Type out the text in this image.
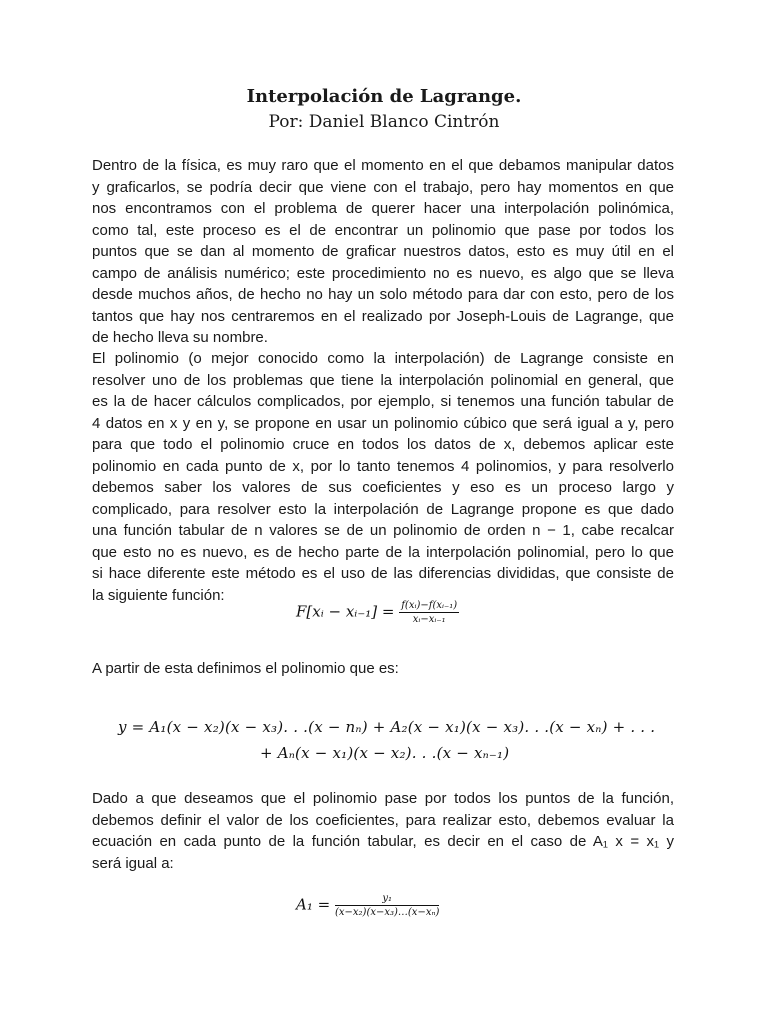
Interpolación de Lagrange.
Por: Daniel Blanco Cintrón

Dentro de la física, es muy raro que el momento en el que debamos manipular datos
y graficarlos, se podría decir que viene con el trabajo, pero hay momentos en que
nos encontramos con el problema de querer hacer una interpolación polinómica,
como tal, este proceso es el de encontrar un polinomio que pase por todos los
puntos que se dan al momento de graficar nuestros datos, esto es muy útil en el
campo de análisis numérico; este procedimiento no es nuevo, es algo que se lleva
desde muchos años, de hecho no hay un solo método para dar con esto, pero de los
tantos que hay nos centraremos en el realizado por Joseph-Louis de Lagrange, que
de hecho lleva su nombre.

El polinomio (o mejor conocido como la interpolación) de Lagrange consiste en
resolver uno de los problemas que tiene la interpolación polinomial en general, que
es la de hacer cálculos complicados, por ejemplo, si tenemos una función tabular de
4 datos en x y en y, se propone en usar un polinomio cúbico que será igual a y, pero
para que todo el polinomio cruce en todos los datos de x, debemos aplicar este
polinomio en cada punto de x, por lo tanto tenemos 4 polinomios, y para resolverlo
debemos saber los valores de sus coeficientes y eso es un proceso largo y
complicado, para resolver esto la interpolación de Lagrange propone es que dado
una función tabular de n valores se de un polinomio de orden n − 1, cabe recalcar
que esto no es nuevo, es de hecho parte de la interpolación polinomial, pero lo que
si hace diferente este método es el uso de las diferencias divididas, que consiste de
la siguiente función:

F[xᵢ − xᵢ₋₁] = $\frac{\text{f(xᵢ)−f(xᵢ₋₁)}}{\text{xᵢ−xᵢ₋₁}}$

A partir de esta definimos el polinomio que es:

y = A₁(x − x₂)(x − x₃). . .(x − nₙ) + A₂(x − x₁)(x − x₃). . .(x − xₙ) + . . .
+ Aₙ(x − x₁)(x − x₂). . .(x − xₙ₋₁)

Dado a que deseamos que el polinomio pase por todos los puntos de la función,
debemos definir el valor de los coeficientes, para realizar esto, debemos evaluar la
ecuación en cada punto de la función tabular, es decir en el caso de A₁ x = x₁ y
será igual a:

$A_1 = \frac{\text{y₁}}{\text{(x−x₂)(x−x₃)…(x−xₙ)}}$
